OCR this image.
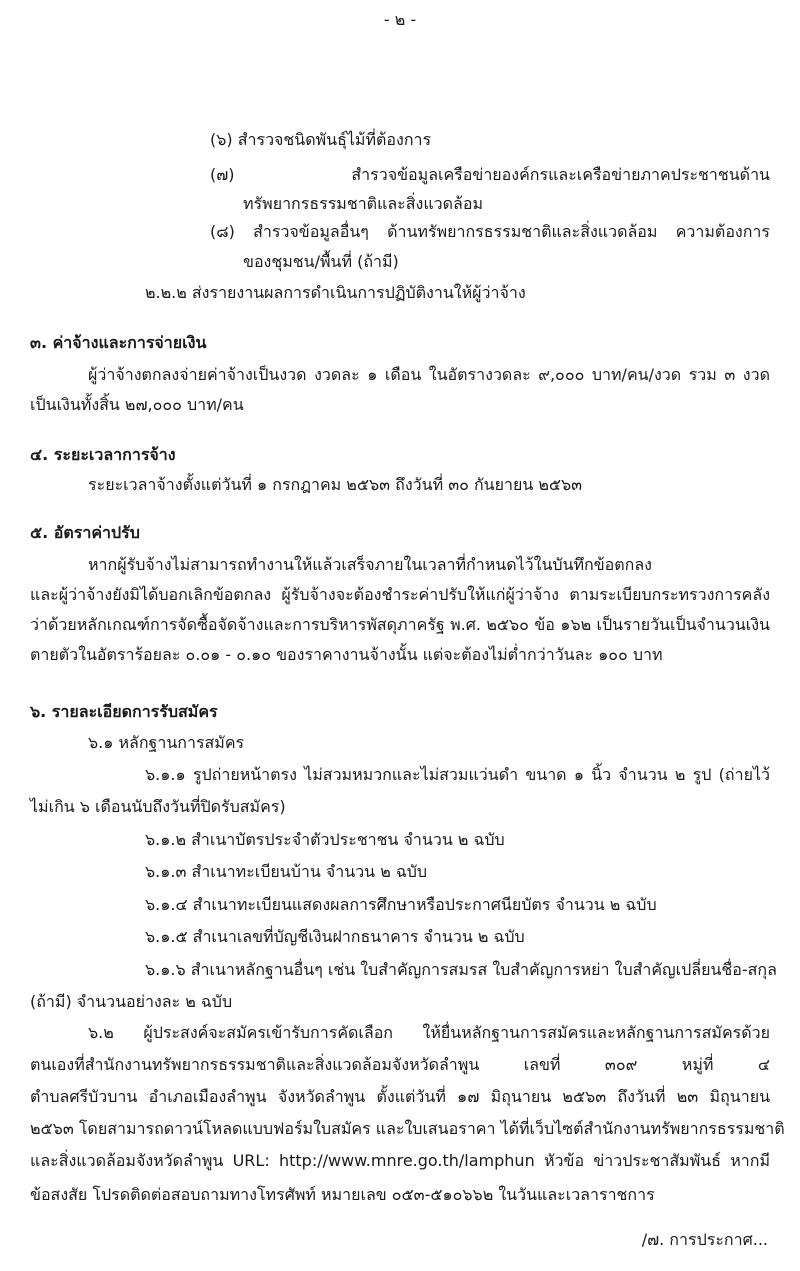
- ๒ -
(๖) สำรวจชนิดพันธุ์ไม้ที่ต้องการ
(๗) สำรวจข้อมูลเครือข่ายองค์กรและเครือข่ายภาคประชาชนด้าน
ทรัพยากรธรรมชาติและสิ่งแวดล้อม
(๘) สำรวจข้อมูลอื่นๆ ด้านทรัพยากรธรรมชาติและสิ่งแวดล้อม ความต้องการ
ของชุมชน/พื้นที่ (ถ้ามี)
๒.๒.๒ ส่งรายงานผลการดำเนินการปฏิบัติงานให้ผู้ว่าจ้าง
๓. ค่าจ้างและการจ่ายเงิน
ผู้ว่าจ้างตกลงจ่ายค่าจ้างเป็นงวด งวดละ ๑ เดือน ในอัตรางวดละ ๙,๐๐๐ บาท/คน/งวด รวม ๓ งวด
เป็นเงินทั้งสิ้น ๒๗,๐๐๐ บาท/คน
๔. ระยะเวลาการจ้าง
ระยะเวลาจ้างตั้งแต่วันที่ ๑ กรกฎาคม ๒๕๖๓ ถึงวันที่ ๓๐ กันยายน ๒๕๖๓
๕. อัตราค่าปรับ
หากผู้รับจ้างไม่สามารถทำงานให้แล้วเสร็จภายในเวลาที่กำหนดไว้ในบันทึกข้อตกลง
และผู้ว่าจ้างยังมิได้บอกเลิกข้อตกลง ผู้รับจ้างจะต้องชำระค่าปรับให้แก่ผู้ว่าจ้าง ตามระเบียบกระทรวงการคลัง
ว่าด้วยหลักเกณฑ์การจัดซื้อจัดจ้างและการบริหารพัสดุภาครัฐ พ.ศ. ๒๕๖๐ ข้อ ๑๖๒ เป็นรายวันเป็นจำนวนเงิน
ตายตัวในอัตราร้อยละ ๐.๐๑ - ๐.๑๐ ของราคางานจ้างนั้น แต่จะต้องไม่ต่ำกว่าวันละ ๑๐๐ บาท
๖. รายละเอียดการรับสมัคร
๖.๑ หลักฐานการสมัคร
๖.๑.๑ รูปถ่ายหน้าตรง ไม่สวมหมวกและไม่สวมแว่นดำ ขนาด ๑ นิ้ว จำนวน ๒ รูป (ถ่ายไว้
ไม่เกิน ๖ เดือนนับถึงวันที่ปิดรับสมัคร)
๖.๑.๒ สำเนาบัตรประจำตัวประชาชน จำนวน ๒ ฉบับ
๖.๑.๓ สำเนาทะเบียนบ้าน จำนวน ๒ ฉบับ
๖.๑.๔ สำเนาทะเบียนแสดงผลการศึกษาหรือประกาศนียบัตร จำนวน ๒ ฉบับ
๖.๑.๕ สำเนาเลขที่บัญชีเงินฝากธนาคาร จำนวน ๒ ฉบับ
๖.๑.๖ สำเนาหลักฐานอื่นๆ เช่น ใบสำคัญการสมรส ใบสำคัญการหย่า ใบสำคัญเปลี่ยนชื่อ-สกุล
(ถ้ามี) จำนวนอย่างละ ๒ ฉบับ
๖.๒ ผู้ประสงค์จะสมัครเข้ารับการคัดเลือก ให้ยื่นหลักฐานการสมัครและหลักฐานการสมัครด้วย
ตนเองที่สำนักงานทรัพยากรธรรมชาติและสิ่งแวดล้อมจังหวัดลำพูน เลขที่ ๓๐๙ หมู่ที่ ๔
ตำบลศรีบัวบาน อำเภอเมืองลำพูน จังหวัดลำพูน ตั้งแต่วันที่ ๑๗ มิถุนายน ๒๕๖๓ ถึงวันที่ ๒๓ มิถุนายน
๒๕๖๓ โดยสามารถดาวน์โหลดแบบฟอร์มใบสมัคร และใบเสนอราคา ได้ที่เว็บไซต์สำนักงานทรัพยากรธรรมชาติ
และสิ่งแวดล้อมจังหวัดลำพูน URL: http://www.mnre.go.th/lamphun หัวข้อ ข่าวประชาสัมพันธ์ หากมี
ข้อสงสัย โปรดติดต่อสอบถามทางโทรศัพท์ หมายเลข ๐๕๓-๕๑๐๖๖๒ ในวันและเวลาราชการ
/๗. การประกาศ...
